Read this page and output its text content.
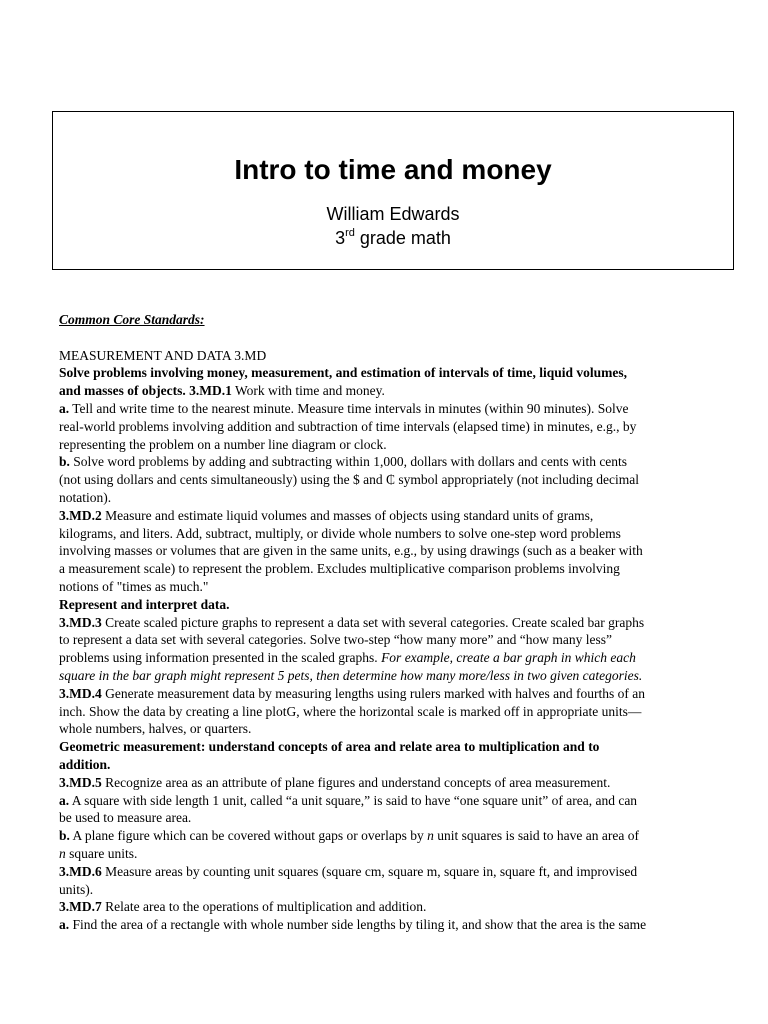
Intro to time and money
William Edwards
3rd grade math

Common Core Standards:

MEASUREMENT AND DATA 3.MD

Solve problems involving money, measurement, and estimation of intervals of time, liquid volumes,

and masses of objects. 3.MD.1 Work with time and money.

a. Tell and write time to the nearest minute. Measure time intervals in minutes (within 90 minutes). Solve

real-world problems involving addition and subtraction of time intervals (elapsed time) in minutes, e.g., by

representing the problem on a number line diagram or clock.

b. Solve word problems by adding and subtracting within 1,000, dollars with dollars and cents with cents

(not using dollars and cents simultaneously) using the $ and ₵ symbol appropriately (not including decimal

notation).

3.MD.2 Measure and estimate liquid volumes and masses of objects using standard units of grams,

kilograms, and liters. Add, subtract, multiply, or divide whole numbers to solve one-step word problems

involving masses or volumes that are given in the same units, e.g., by using drawings (such as a beaker with

a measurement scale) to represent the problem. Excludes multiplicative comparison problems involving

notions of "times as much."

Represent and interpret data.

3.MD.3 Create scaled picture graphs to represent a data set with several categories. Create scaled bar graphs

to represent a data set with several categories. Solve two-step “how many more” and “how many less”

problems using information presented in the scaled graphs. For example, create a bar graph in which each

square in the bar graph might represent 5 pets, then determine how many more/less in two given categories.

3.MD.4 Generate measurement data by measuring lengths using rulers marked with halves and fourths of an

inch. Show the data by creating a line plotG, where the horizontal scale is marked off in appropriate units—

whole numbers, halves, or quarters.

Geometric measurement: understand concepts of area and relate area to multiplication and to

addition.

3.MD.5 Recognize area as an attribute of plane figures and understand concepts of area measurement.

a. A square with side length 1 unit, called “a unit square,” is said to have “one square unit” of area, and can

be used to measure area.

b. A plane figure which can be covered without gaps or overlaps by n unit squares is said to have an area of

n square units.

3.MD.6 Measure areas by counting unit squares (square cm, square m, square in, square ft, and improvised

units).

3.MD.7 Relate area to the operations of multiplication and addition.

a. Find the area of a rectangle with whole number side lengths by tiling it, and show that the area is the same
